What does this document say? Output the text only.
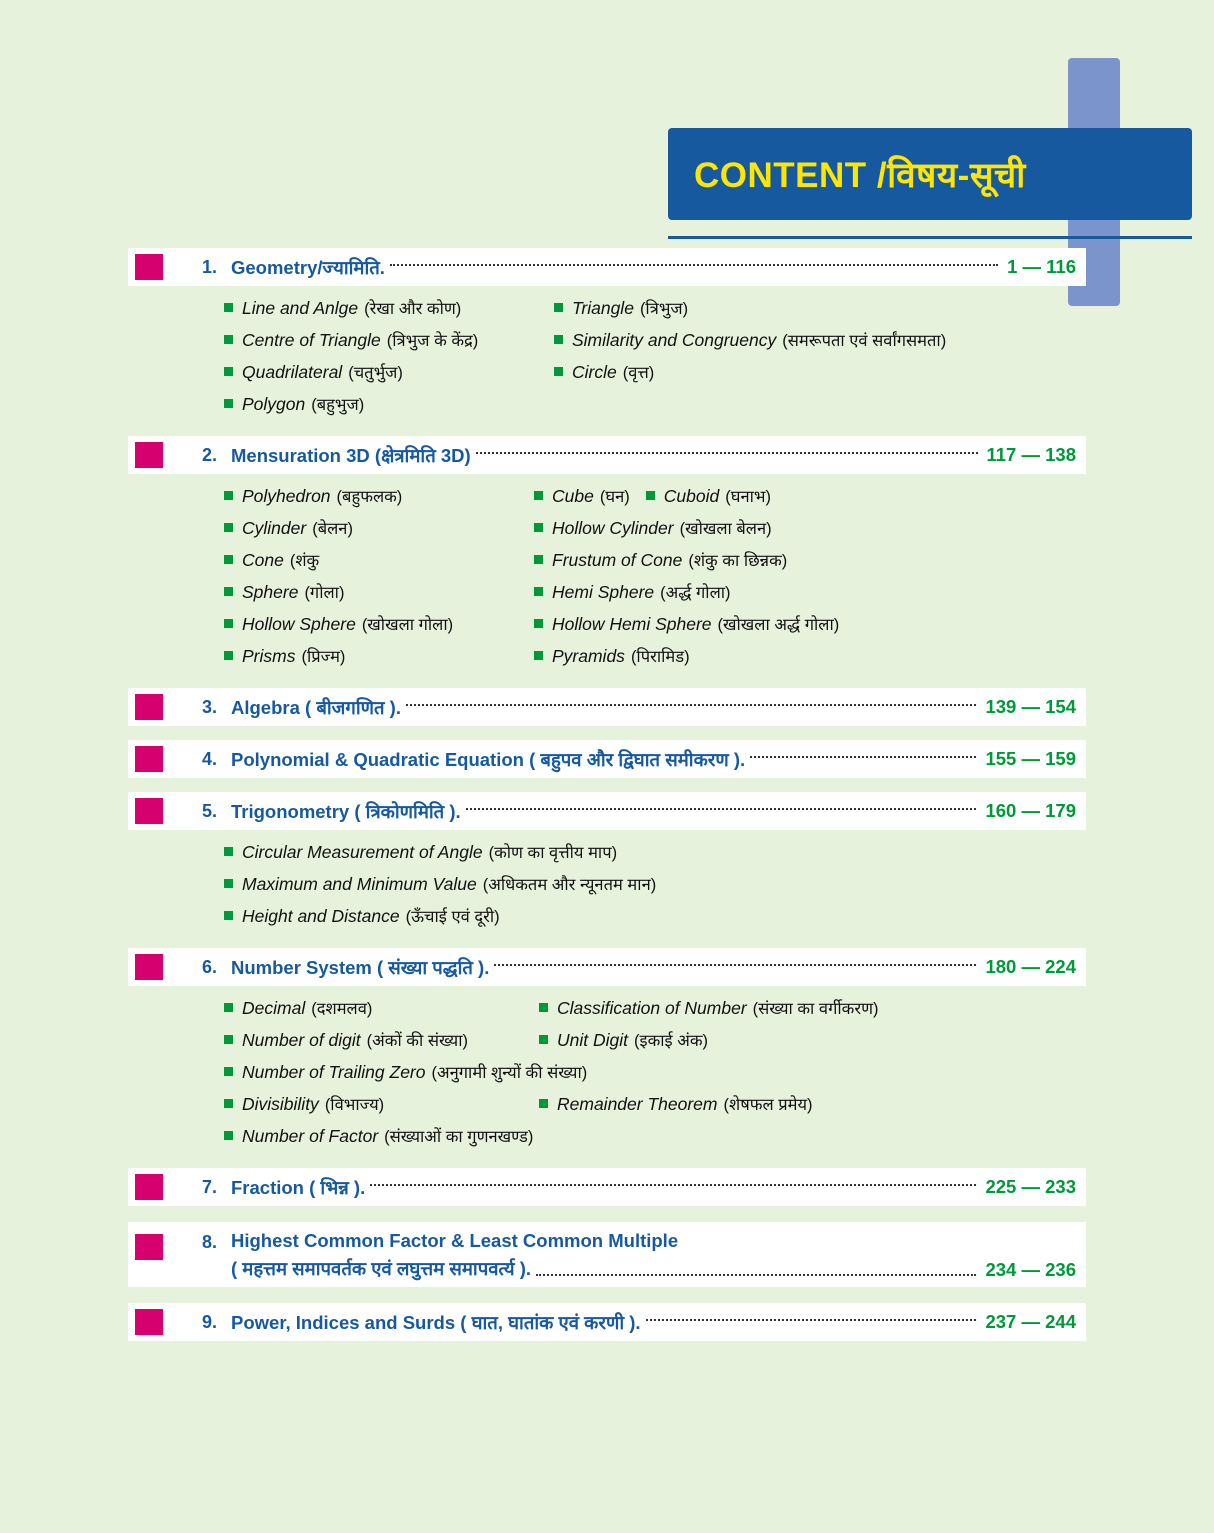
CONTENT /विषय-सूची
1. Geometry/ज्यामिति.	1 — 116
Line and Anlge (रेखा और कोण)	Triangle (त्रिभुज)
Centre of Triangle (त्रिभुज के केंद्र)	Similarity and Congruency (समरूपता एवं सर्वांगसमता)
Quadrilateral (चतुर्भुज)	Circle (वृत्त)
Polygon (बहुभुज)
2. Mensuration 3D (क्षेत्रमिति 3D)	117 — 138
Polyhedron (बहुफलक)	Cube (घन) Cuboid (घनाभ)
Cylinder (बेलन)	Hollow Cylinder (खोखला बेलन)
Cone (शंकु	Frustum of Cone (शंकु का छिन्नक)
Sphere (गोला)	Hemi Sphere (अर्द्ध गोला)
Hollow Sphere (खोखला गोला)	Hollow Hemi Sphere (खोखला अर्द्ध गोला)
Prisms (प्रिज्म)	Pyramids (पिरामिड)
3. Algebra ( बीजगणित ).	139 — 154
4. Polynomial & Quadratic Equation ( बहुपव और द्विघात समीकरण ).	155 — 159
5. Trigonometry ( त्रिकोणमिति ).	160 — 179
Circular Measurement of Angle (कोण का वृत्तीय माप)
Maximum and Minimum Value (अधिकतम और न्यूनतम मान)
Height and Distance (ऊँचाई एवं दूरी)
6. Number System ( संख्या पद्धति ).	180 — 224
Decimal (दशमलव)	Classification of Number (संख्या का वर्गीकरण)
Number of digit (अंकों की संख्या)	Unit Digit (इकाई अंक)
Number of Trailing Zero (अनुगामी शुन्यों की संख्या)
Divisibility (विभाज्य)	Remainder Theorem (शेषफल प्रमेय)
Number of Factor (संख्याओं का गुणनखण्ड)
7. Fraction ( भिन्न ).	225 — 233
8. Highest Common Factor & Least Common Multiple
( महत्तम समापवर्तक एवं लघुत्तम समापवर्त्य ).	234 — 236
9. Power, Indices and Surds ( घात, घातांक एवं करणी ).	237 — 244
